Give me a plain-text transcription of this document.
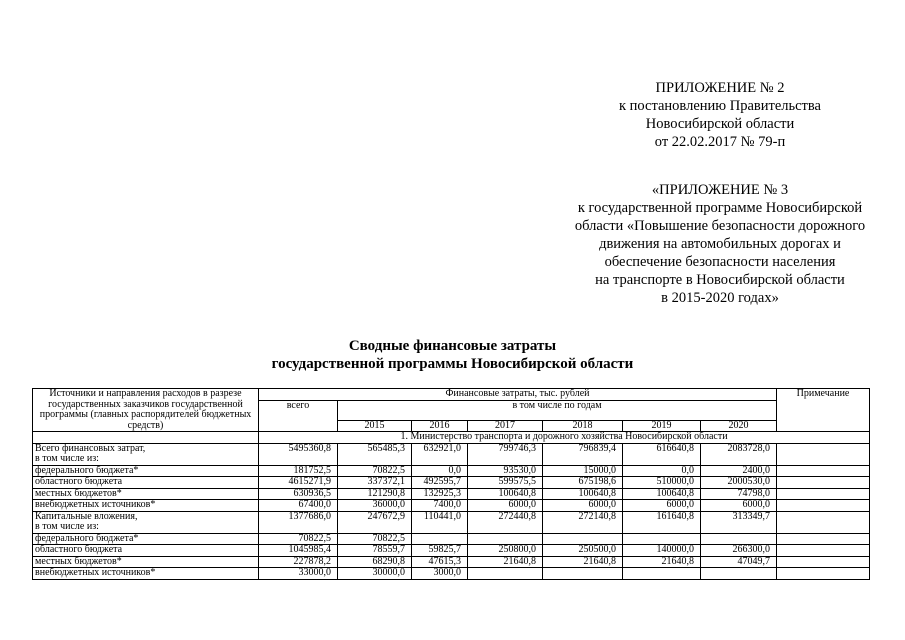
ПРИЛОЖЕНИЕ № 2
к постановлению Правительства
Новосибирской области
от 22.02.2017 № 79-п
«ПРИЛОЖЕНИЕ № 3
к государственной программе Новосибирской
области «Повышение безопасности дорожного
движения на автомобильных дорогах и
обеспечение безопасности населения
на транспорте в Новосибирской области
в 2015-2020 годах»
Сводные финансовые затраты
государственной программы Новосибирской области
Источники и направления расходов в разрезе государственных заказчиков государственной программы (главных распорядителей бюджетных средств)	Финансовые затраты, тыс. рублей							Примечание
	всего	в том числе по годам						
		2015	2016	2017	2018	2019	2020	
	1. Министерство транспорта и дорожного хозяйства Новосибирской области							
Всего финансовых затрат,
в том числе из:	5495360,8	565485,3	632921,0	799746,3	796839,4	616640,8	2083728,0	
федерального бюджета*	181752,5	70822,5	0,0	93530,0	15000,0	0,0	2400,0	
областного бюджета	4615271,9	337372,1	492595,7	599575,5	675198,6	510000,0	2000530,0	
местных бюджетов*	630936,5	121290,8	132925,3	100640,8	100640,8	100640,8	74798,0	
внебюджетных источников*	67400,0	36000,0	7400,0	6000,0	6000,0	6000,0	6000,0	
Капитальные вложения,
в том числе из:	1377686,0	247672,9	110441,0	272440,8	272140,8	161640,8	313349,7	
федерального бюджета*	70822,5	70822,5						
областного бюджета	1045985,4	78559,7	59825,7	250800,0	250500,0	140000,0	266300,0	
местных бюджетов*	227878,2	68290,8	47615,3	21640,8	21640,8	21640,8	47049,7	
внебюджетных источников*	33000,0	30000,0	3000,0					
